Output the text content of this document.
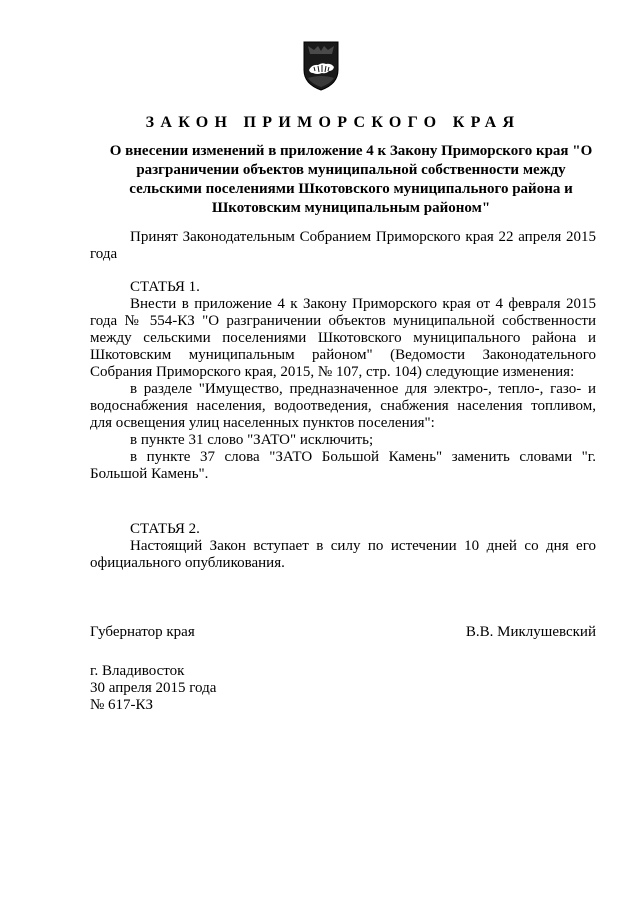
ЗАКОН ПРИМОРСКОГО КРАЯ
О внесении изменений в приложение 4 к Закону Приморского края "О
разграничении объектов муниципальной собственности между
сельскими поселениями Шкотовского муниципального района и
Шкотовским муниципальным районом"
Принят Законодательным Собранием Приморского края 22 апреля 2015 года
СТАТЬЯ 1.

Внести в приложение 4 к Закону Приморского края от 4 февраля 2015 года № 554-КЗ "О разграничении объектов муниципальной собственности между сельскими поселениями Шкотовского муниципального района и Шкотовским муниципальным районом" (Ведомости Законодательного Собрания Приморского края, 2015, № 107, стр. 104) следующие изменения:

в разделе "Имущество, предназначенное для электро-, тепло-, газо- и водоснабжения населения, водоотведения, снабжения населения топливом, для освещения улиц населенных пунктов поселения":

в пункте 31 слово "ЗАТО" исключить;

в пункте 37 слова "ЗАТО Большой Камень" заменить словами "г. Большой Камень".

СТАТЬЯ 2.
Настоящий Закон вступает в силу по истечении 10 дней со дня его официального опубликования.
Губернатор края	В.В. Миклушевский
г. Владивосток
30 апреля 2015 года
№ 617-КЗ
